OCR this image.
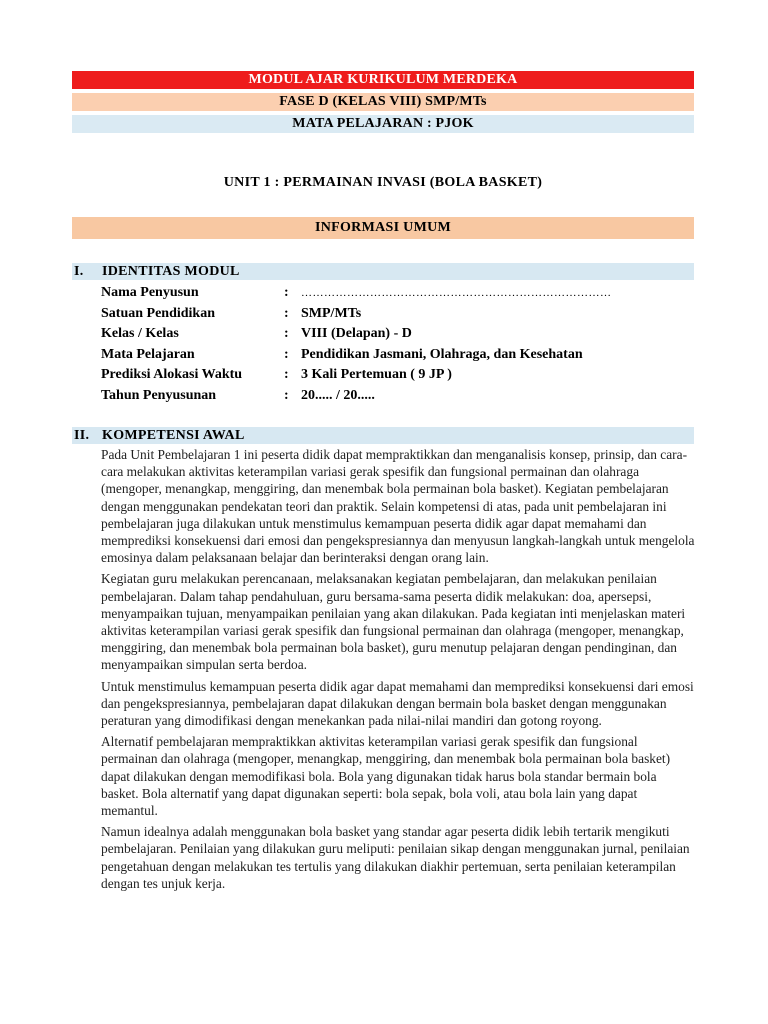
MODUL AJAR KURIKULUM MERDEKA
FASE D (KELAS VIII) SMP/MTs
MATA PELAJARAN : PJOK
UNIT 1 : PERMAINAN INVASI (BOLA BASKET)
INFORMASI UMUM
I. IDENTITAS MODUL
Nama Penyusun	: ………………………………………………………………………
Satuan Pendidikan	: SMP/MTs
Kelas / Kelas	: VIII (Delapan) - D
Mata Pelajaran	: Pendidikan Jasmani, Olahraga, dan Kesehatan
Prediksi Alokasi Waktu	: 3 Kali Pertemuan ( 9 JP )
Tahun Penyusunan	: 20..... / 20.....
II. KOMPETENSI AWAL

Pada Unit Pembelajaran 1 ini peserta didik dapat mempraktikkan dan menganalisis konsep, prinsip, dan cara-cara melakukan aktivitas keterampilan variasi gerak spesifik dan fungsional permainan dan olahraga (mengoper, menangkap, menggiring, dan menembak bola permainan bola basket). Kegiatan pembelajaran dengan menggunakan pendekatan teori dan praktik. Selain kompetensi di atas, pada unit pembelajaran ini pembelajaran juga dilakukan untuk menstimulus kemampuan peserta didik agar dapat memahami dan memprediksi konsekuensi dari emosi dan pengekspresiannya dan menyusun langkah-langkah untuk mengelola emosinya dalam pelaksanaan belajar dan berinteraksi dengan orang lain.

Kegiatan guru melakukan perencanaan, melaksanakan kegiatan pembelajaran, dan melakukan penilaian pembelajaran. Dalam tahap pendahuluan, guru bersama-sama peserta didik melakukan: doa, apersepsi, menyampaikan tujuan, menyampaikan penilaian yang akan dilakukan. Pada kegiatan inti menjelaskan materi aktivitas keterampilan variasi gerak spesifik dan fungsional permainan dan olahraga (mengoper, menangkap, menggiring, dan menembak bola permainan bola basket), guru menutup pelajaran dengan pendinginan, dan menyampaikan simpulan serta berdoa.

Untuk menstimulus kemampuan peserta didik agar dapat memahami dan memprediksi konsekuensi dari emosi dan pengekspresiannya, pembelajaran dapat dilakukan dengan bermain bola basket dengan menggunakan peraturan yang dimodifikasi dengan menekankan pada nilai-nilai mandiri dan gotong royong.

Alternatif pembelajaran mempraktikkan aktivitas keterampilan variasi gerak spesifik dan fungsional permainan dan olahraga (mengoper, menangkap, menggiring, dan menembak bola permainan bola basket) dapat dilakukan dengan memodifikasi bola. Bola yang digunakan tidak harus bola standar bermain bola basket. Bola alternatif yang dapat digunakan seperti: bola sepak, bola voli, atau bola lain yang dapat memantul.

Namun idealnya adalah menggunakan bola basket yang standar agar peserta didik lebih tertarik mengikuti pembelajaran. Penilaian yang dilakukan guru meliputi: penilaian sikap dengan menggunakan jurnal, penilaian pengetahuan dengan melakukan tes tertulis yang dilakukan diakhir pertemuan, serta penilaian keterampilan dengan tes unjuk kerja.
